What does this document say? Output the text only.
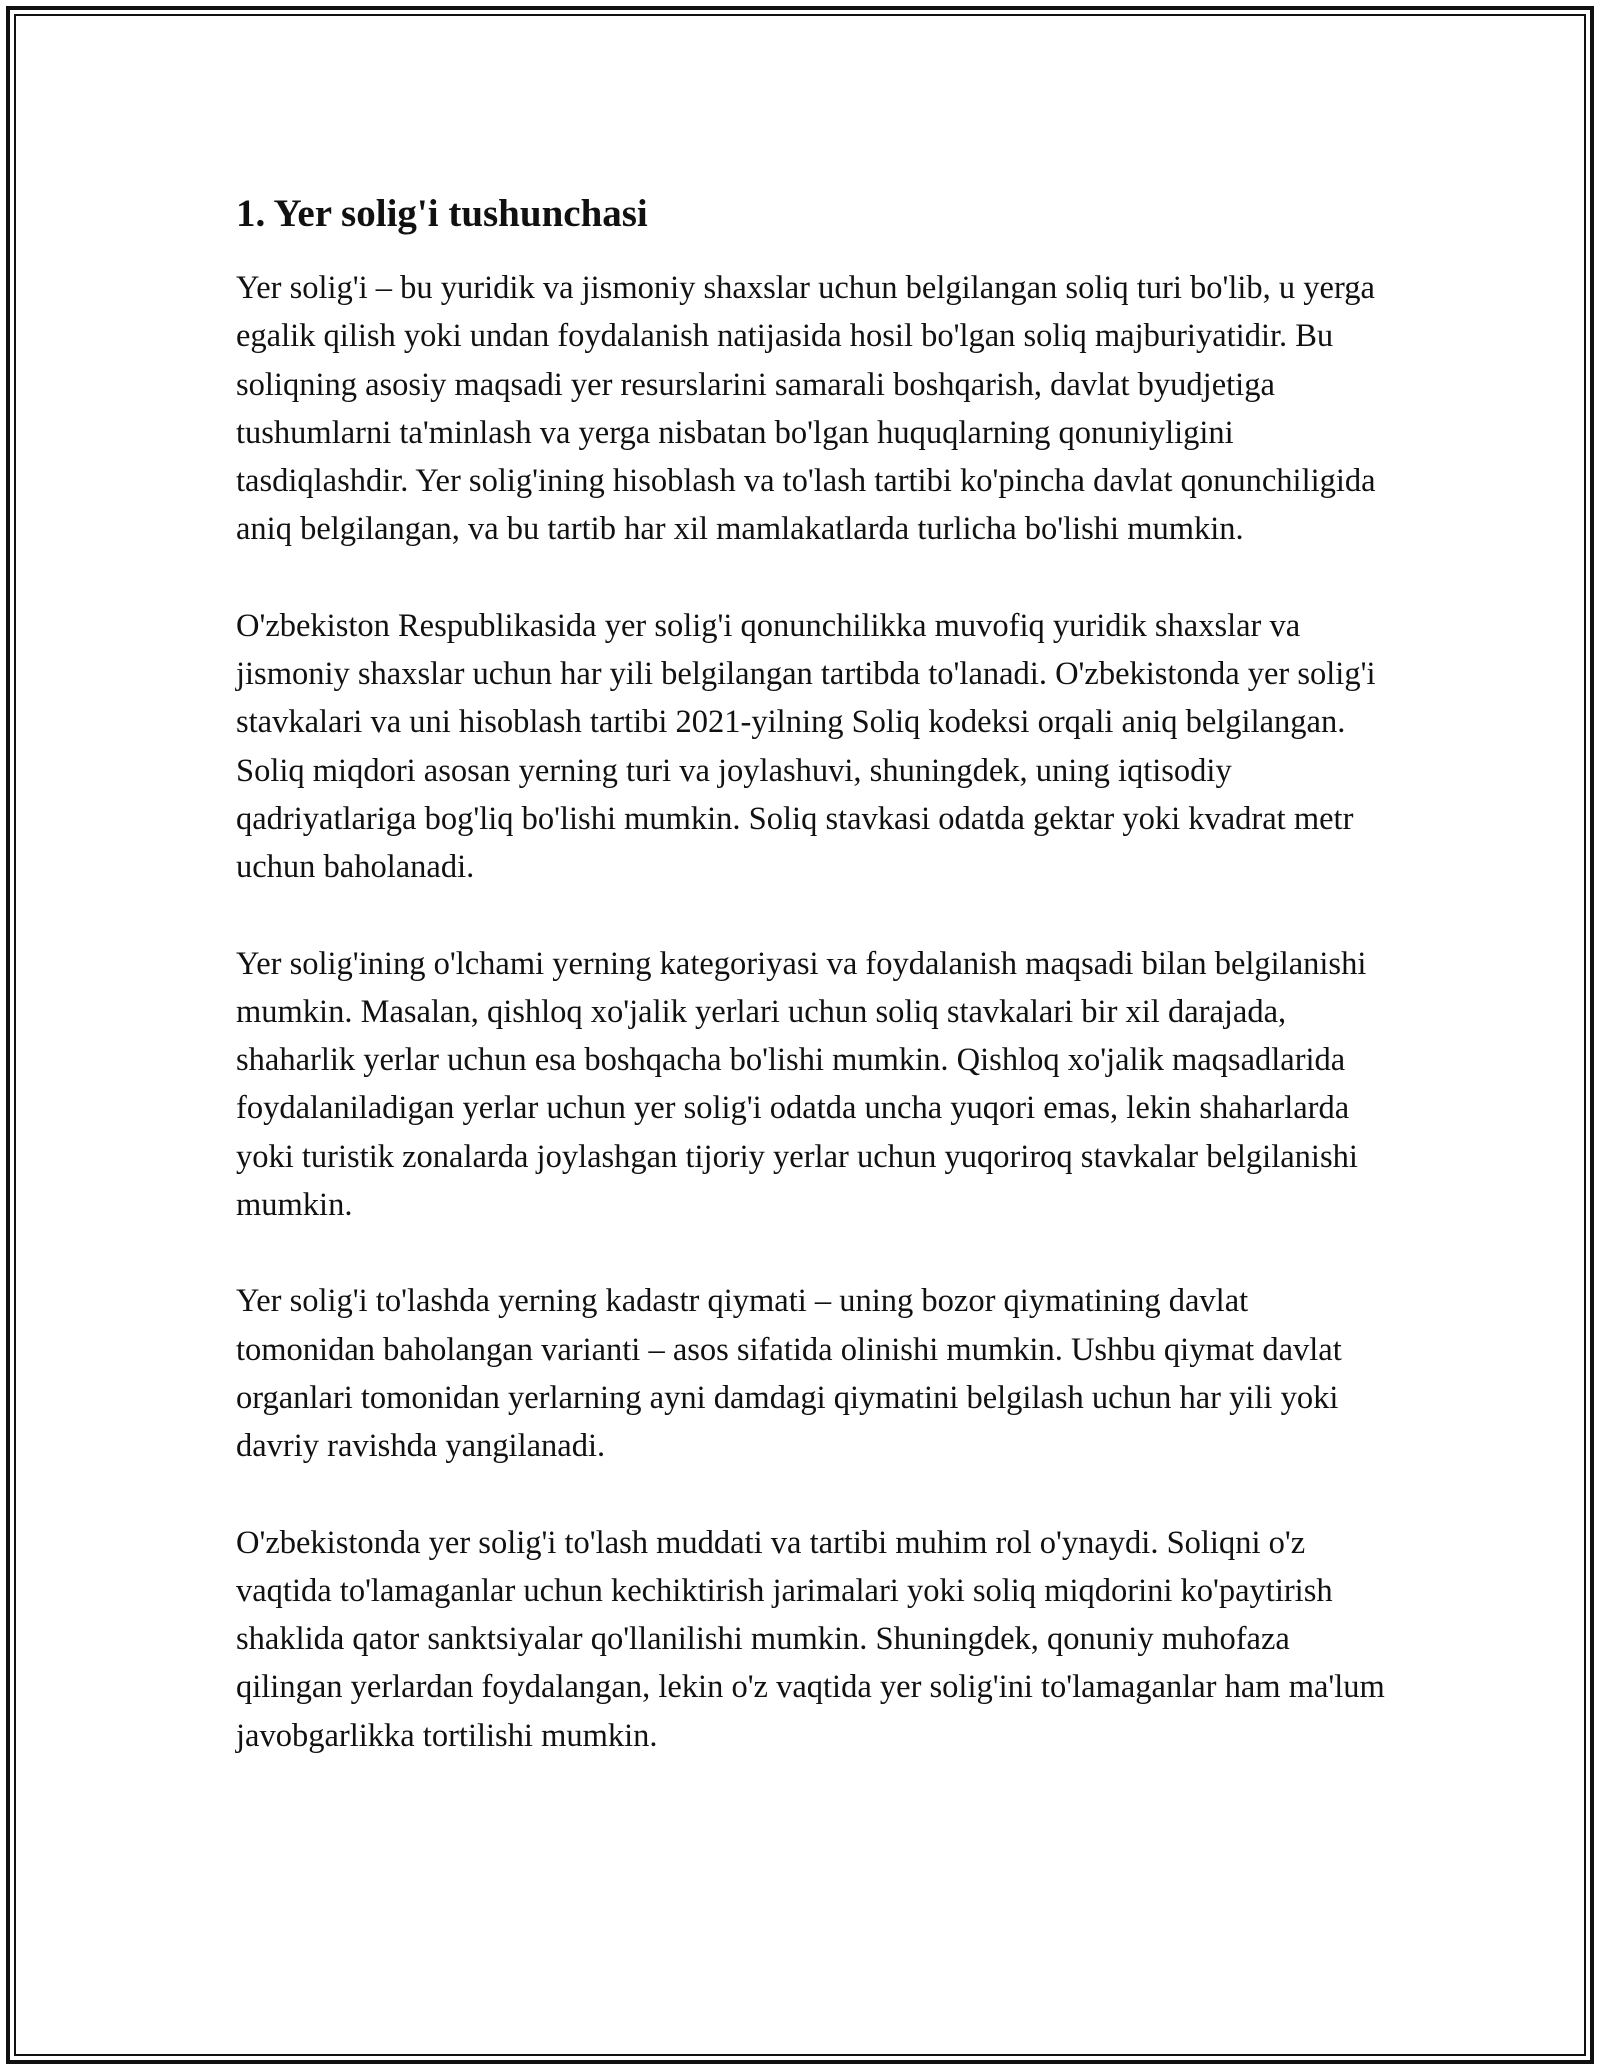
1. Yer solig'i tushunchasi

Yer solig'i – bu yuridik va jismoniy shaxslar uchun belgilangan soliq turi bo'lib, u yerga egalik qilish yoki undan foydalanish natijasida hosil bo'lgan soliq majburiyatidir. Bu soliqning asosiy maqsadi yer resurslarini samarali boshqarish, davlat byudjetiga tushumlarni ta'minlash va yerga nisbatan bo'lgan huquqlarning qonuniyligini tasdiqlashdir. Yer solig'ining hisoblash va to'lash tartibi ko'pincha davlat qonunchiligida aniq belgilangan, va bu tartib har xil mamlakatlarda turlicha bo'lishi mumkin.

O'zbekiston Respublikasida yer solig'i qonunchilikka muvofiq yuridik shaxslar va jismoniy shaxslar uchun har yili belgilangan tartibda to'lanadi. O'zbekistonda yer solig'i stavkalari va uni hisoblash tartibi 2021-yilning Soliq kodeksi orqali aniq belgilangan. Soliq miqdori asosan yerning turi va joylashuvi, shuningdek, uning iqtisodiy qadriyatlariga bog'liq bo'lishi mumkin. Soliq stavkasi odatda gektar yoki kvadrat metr uchun baholanadi.

Yer solig'ining o'lchami yerning kategoriyasi va foydalanish maqsadi bilan belgilanishi mumkin. Masalan, qishloq xo'jalik yerlari uchun soliq stavkalari bir xil darajada, shaharlik yerlar uchun esa boshqacha bo'lishi mumkin. Qishloq xo'jalik maqsadlarida foydalaniladigan yerlar uchun yer solig'i odatda uncha yuqori emas, lekin shaharlarda yoki turistik zonalarda joylashgan tijoriy yerlar uchun yuqoriroq stavkalar belgilanishi mumkin.

Yer solig'i to'lashda yerning kadastr qiymati – uning bozor qiymatining davlat tomonidan baholangan varianti – asos sifatida olinishi mumkin. Ushbu qiymat davlat organlari tomonidan yerlarning ayni damdagi qiymatini belgilash uchun har yili yoki davriy ravishda yangilanadi.

O'zbekistonda yer solig'i to'lash muddati va tartibi muhim rol o'ynaydi. Soliqni o'z vaqtida to'lamaganlar uchun kechiktirish jarimalari yoki soliq miqdorini ko'paytirish shaklida qator sanktsiyalar qo'llanilishi mumkin. Shuningdek, qonuniy muhofaza qilingan yerlardan foydalangan, lekin o'z vaqtida yer solig'ini to'lamaganlar ham ma'lum javobgarlikka tortilishi mumkin.
